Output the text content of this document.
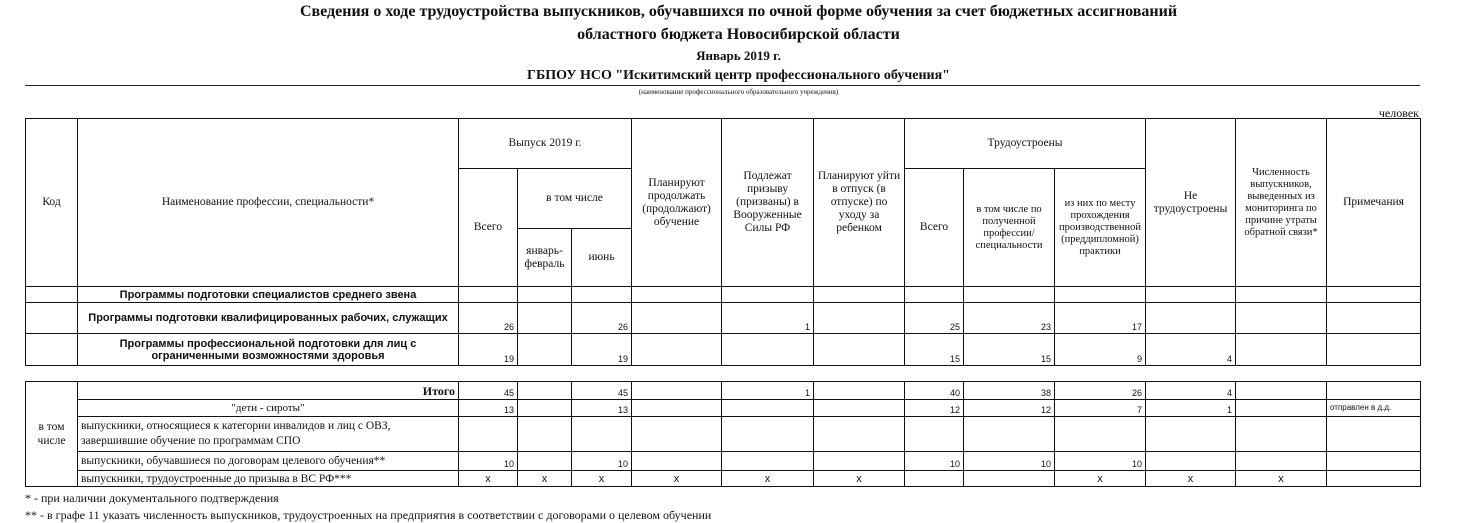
Сведения о ходе трудоустройства выпускников, обучавшихся по очной форме обучения за счет бюджетных ассигнований
областного бюджета Новосибирской области
Январь 2019 г.
ГБПОУ НСО "Искитимский центр профессионального обучения"
(наименование профессионального образовательного учреждения)
человек
Код	Наименование профессии, специальности*	Выпуск 2019 г.			Планируют продолжать (продолжают) обучение	Подлежат призыву (призваны) в Вооруженные Силы РФ	Планируют уйти в отпуск (в отпуске) по уходу за ребенком	Трудоустроены			Не трудоустроены	Численность выпускников, выведенных из мониторинга по причине утраты обратной связи*	Примечания
		Всего	в том числе					Всего	в том числе по полученной профессии/специальности	из них по месту прохождения производственной (преддипломной) практики			
			январь-февраль	июнь									
	Программы подготовки специалистов среднего звена												
	Программы подготовки квалифицированных рабочих, служащих	26		26		1		25	23	17			
	Программы профессиональной подготовки для лиц с ограниченными возможностями здоровья	19		19				15	15	9	4		
в том числе	Итого	45		45		1		40	38	26	4		
	"дети - сироты"	13		13				12	12	7	1		отправлен в д.д.
	выпускники, относящиеся к категории инвалидов и лиц с ОВЗ, завершившие обучение по программам СПО												
	выпускники, обучавшиеся по договорам целевого обучения**	10		10				10	10	10			
	выпускники, трудоустроенные до призыва в ВС РФ***	x	x	x	x	x	x			x	x	x	
* - при наличии документального подтверждения
** - в графе 11 указать численность выпускников, трудоустроенных на предприятия в соответствии с договорами о целевом обучении
